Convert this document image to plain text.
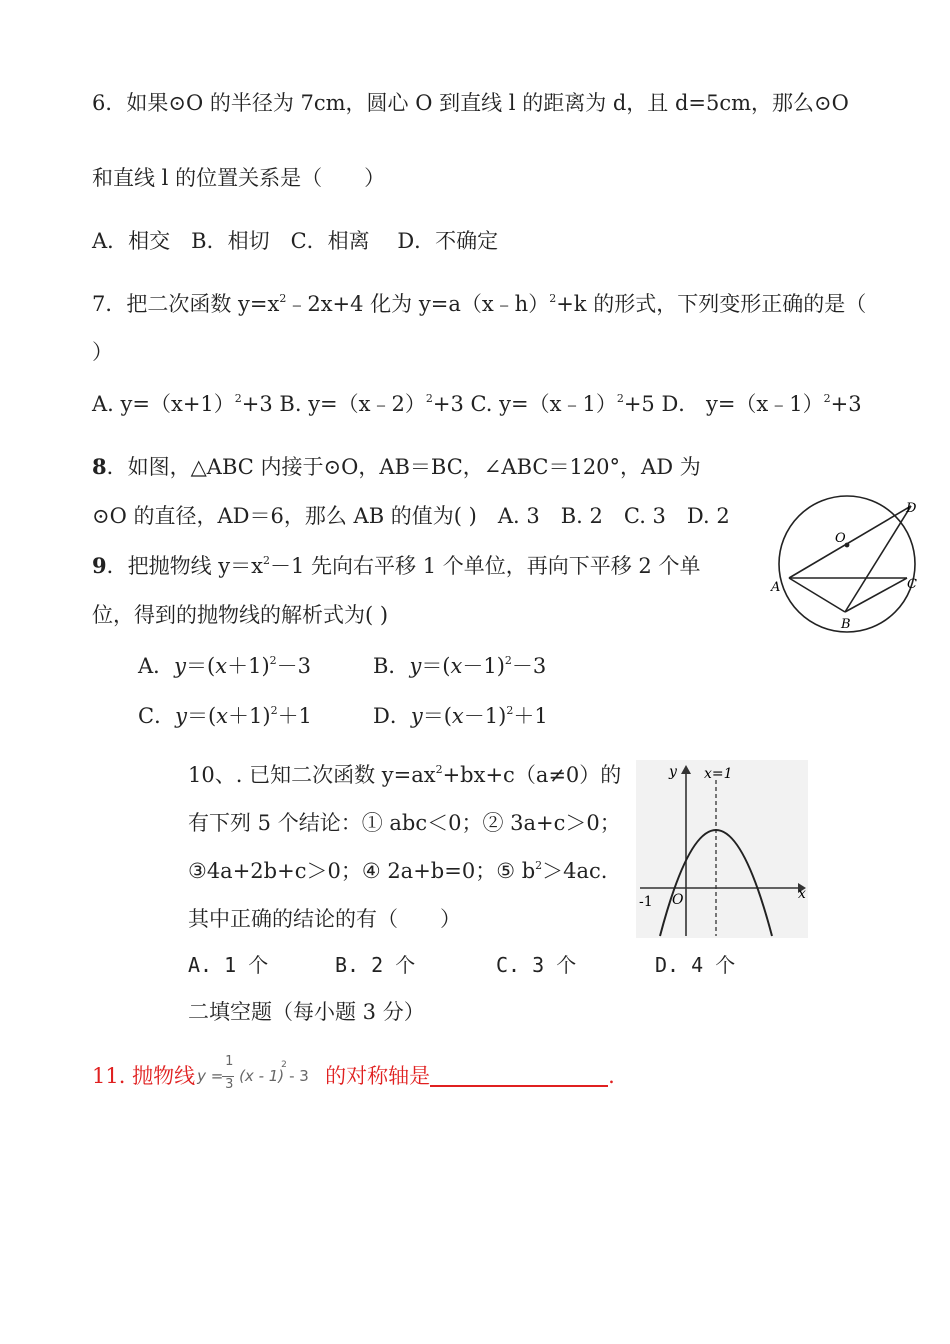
6．如果⊙O 的半径为 7cm，圆心 O 到直线 l 的距离为 d，且 d=5cm，那么⊙O
和直线 l 的位置关系是（　　）
A．相交　B．相切　C．相离　 D．不确定
7．把二次函数 $y=x^2﹣2x+4$ 化为 y=a（x﹣h）$^2$+k 的形式，下列变形正确的是（
）
A. $y=(x+1)^2+3$ B. y=（x﹣2）$^2$+3 C. y=（x﹣1）$^2$+5 D． y=（x﹣1）$^2$+3
8．如图，△ABC 内接于⊙O，AB＝BC，∠ABC＝120°，AD 为
⊙O 的直径，AD＝6，那么 AB 的值为( )　A. 3　B. 2　C. 3　D. 2
O
D
A	C
B
9．把抛物线 $y=x^2-1$ 先向右平移 1 个单位，再向下平移 2 个单
位，得到的抛物线的解析式为( )
A．$y=(x+1)^2-3$	B．$y=(x-1)^2-3$
C．$y=(x+1)^2+1$	D．$y=(x-1)^2+1$
10、. 已知二次函数 $y=ax^2+bx+c(a\ne 0)$的
有下列 5 个结论：① abc＜0；② 3a+c＞0；
③4a+2b+c＞0；④ 2a+b=0；⑤ $b^2>4ac$.
其中正确的结论的有（　　）
A. 1 个	B. 2 个	C. 3 个	D. 4 个
y x=1
x
-1 O
二填空题（每小题 3 分）
11. 抛物线 y =
1
3 (x - 1)
2
- 3 的对称轴是	.
